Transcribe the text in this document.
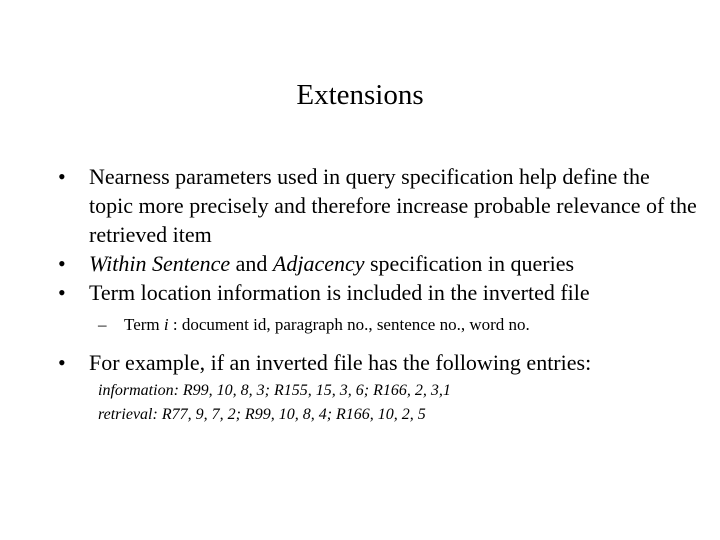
Extensions
• Nearness parameters used in query specification help define the topic more precisely and therefore increase probable relevance of the retrieved item
• Within Sentence and Adjacency specification in queries
• Term location information is included in the inverted file
– Term i : document id, paragraph no., sentence no., word no.
• For example, if an inverted file has the following entries:
information: R99, 10, 8, 3; R155, 15, 3, 6; R166, 2, 3,1
retrieval: R77, 9, 7, 2; R99, 10, 8, 4; R166, 10, 2, 5
